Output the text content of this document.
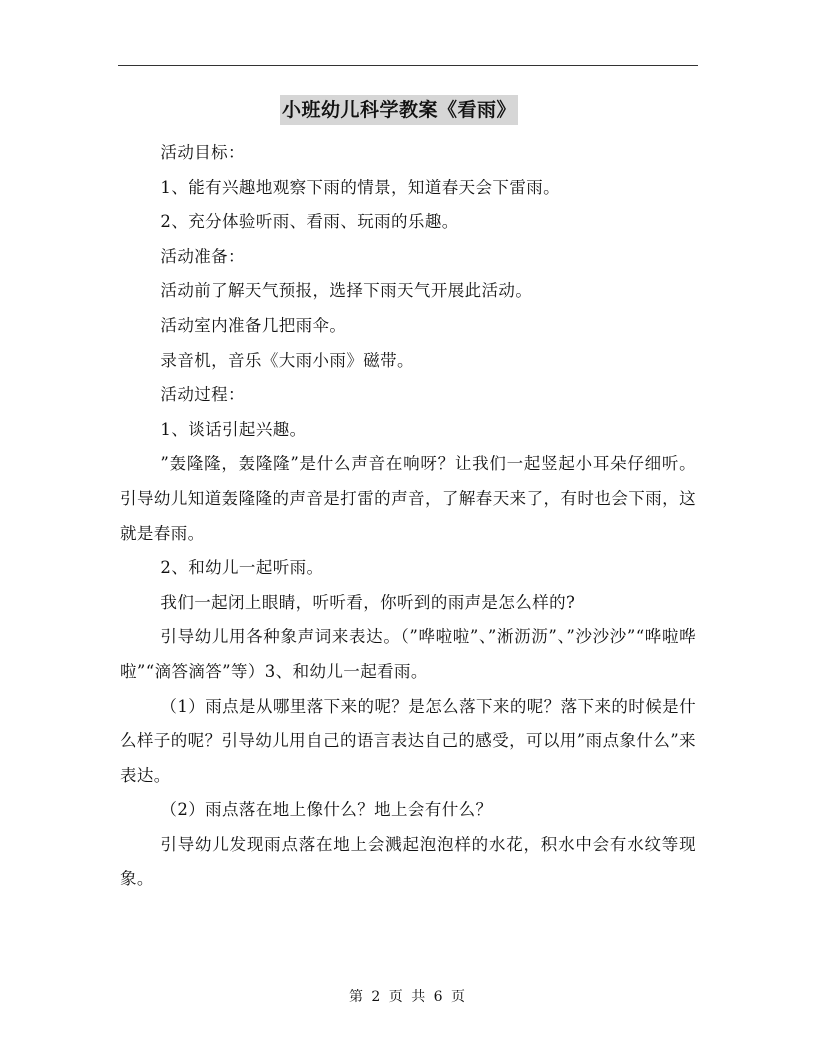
小班幼儿科学教案《看雨》

活动目标：

1、能有兴趣地观察下雨的情景，知道春天会下雷雨。

2、充分体验听雨、看雨、玩雨的乐趣。

活动准备：

活动前了解天气预报，选择下雨天气开展此活动。

活动室内准备几把雨伞。

录音机，音乐《大雨小雨》磁带。

活动过程：

1、谈话引起兴趣。

”轰隆隆，轰隆隆”是什么声音在响呀？让我们一起竖起小耳朵仔细听。引导幼儿知道轰隆隆的声音是打雷的声音，了解春天来了，有时也会下雨，这就是春雨。

2、和幼儿一起听雨。

我们一起闭上眼睛，听听看，你听到的雨声是怎么样的?

引导幼儿用各种象声词来表达。（”哗啦啦”、”淅沥沥”、”沙沙沙”“哗啦哗啦”“滴答滴答”等）3、和幼儿一起看雨。

（1）雨点是从哪里落下来的呢？是怎么落下来的呢？落下来的时候是什么样子的呢？引导幼儿用自己的语言表达自己的感受，可以用”雨点象什么”来表达。

（2）雨点落在地上像什么？地上会有什么？

引导幼儿发现雨点落在地上会溅起泡泡样的水花，积水中会有水纹等现象。

第 2 页 共 6 页
